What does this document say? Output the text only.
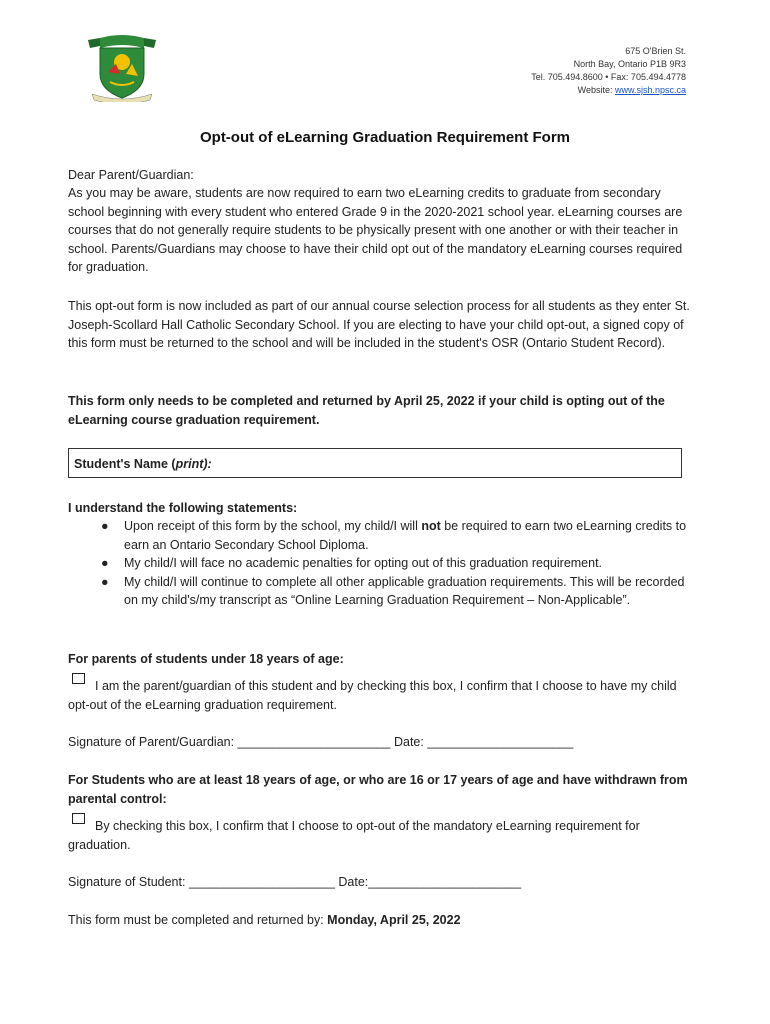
675 O'Brien St.
North Bay, Ontario P1B 9R3
Tel. 705.494.8600 • Fax: 705.494.4778
Website: www.sjsh.npsc.ca
Opt-out of eLearning Graduation Requirement Form
Dear Parent/Guardian:
As you may be aware, students are now required to earn two eLearning credits to graduate from secondary school beginning with every student who entered Grade 9 in the 2020-2021 school year. eLearning courses are courses that do not generally require students to be physically present with one another or with their teacher in school. Parents/Guardians may choose to have their child opt out of the mandatory eLearning courses required for graduation.
This opt-out form is now included as part of our annual course selection process for all students as they enter St. Joseph-Scollard Hall Catholic Secondary School. If you are electing to have your child opt-out, a signed copy of this form must be returned to the school and will be included in the student's OSR (Ontario Student Record).
This form only needs to be completed and returned by April 25, 2022 if your child is opting out of the eLearning course graduation requirement.
Student's Name (print):
I understand the following statements:
● Upon receipt of this form by the school, my child/I will not be required to earn two eLearning credits to earn an Ontario Secondary School Diploma.
● My child/I will face no academic penalties for opting out of this graduation requirement.
● My child/I will continue to complete all other applicable graduation requirements. This will be recorded on my child's/my transcript as “Online Learning Graduation Requirement – Non-Applicable”.
For parents of students under 18 years of age:
I am the parent/guardian of this student and by checking this box, I confirm that I choose to have my child opt-out of the eLearning graduation requirement.
Signature of Parent/Guardian: ______________________ Date: _____________________
For Students who are at least 18 years of age, or who are 16 or 17 years of age and have withdrawn from parental control:
By checking this box, I confirm that I choose to opt-out of the mandatory eLearning requirement for graduation.
Signature of Student: _____________________ Date:______________________
This form must be completed and returned by: Monday, April 25, 2022
